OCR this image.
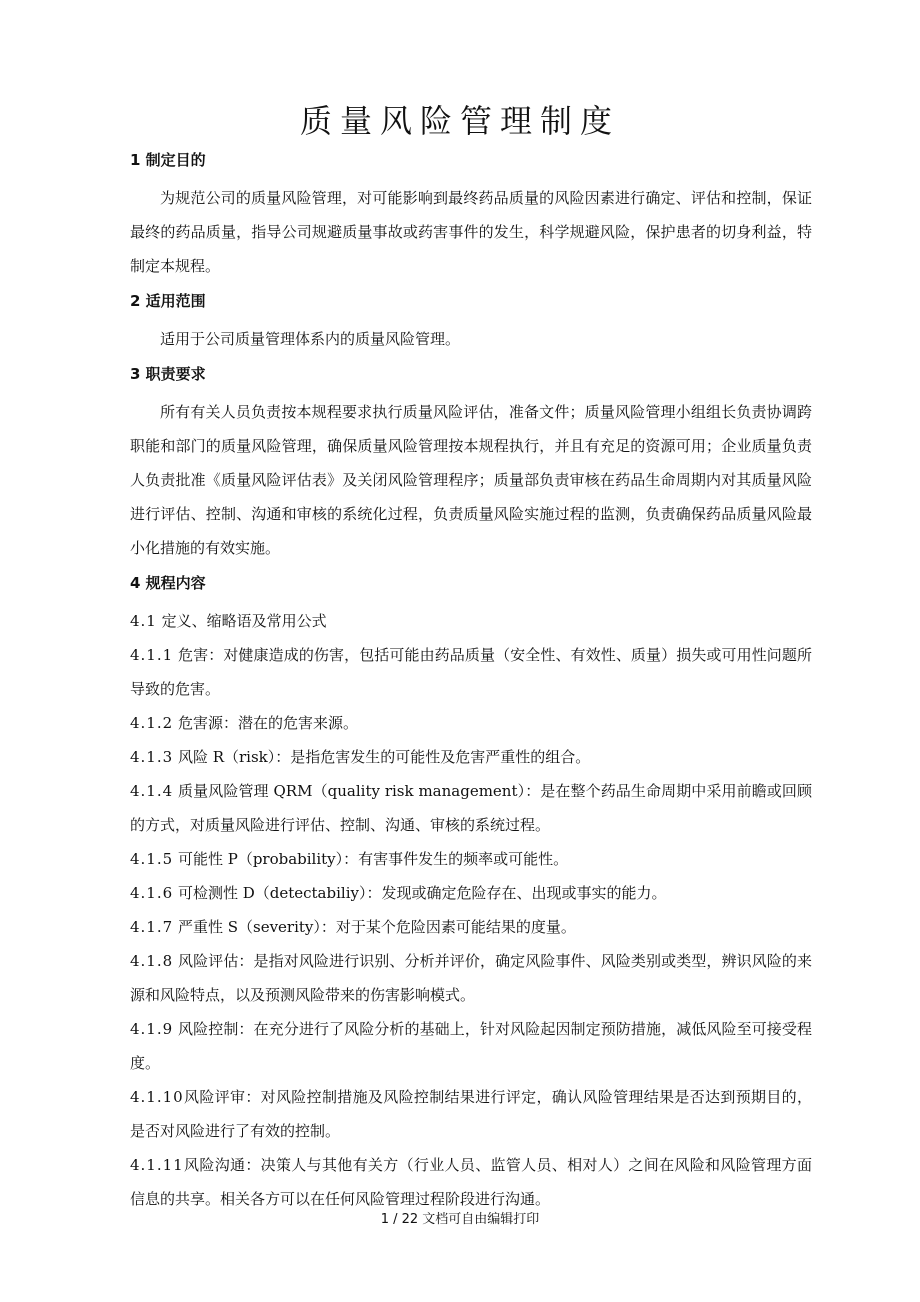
质量风险管理制度
1 制定目的

为规范公司的质量风险管理，对可能影响到最终药品质量的风险因素进行确定、评估和控制，保证最终的药品质量，指导公司规避质量事故或药害事件的发生，科学规避风险，保护患者的切身利益，特制定本规程。

2 适用范围

适用于公司质量管理体系内的质量风险管理。

3 职责要求

所有有关人员负责按本规程要求执行质量风险评估，准备文件；质量风险管理小组组长负责协调跨职能和部门的质量风险管理，确保质量风险管理按本规程执行，并且有充足的资源可用；企业质量负责人负责批准《质量风险评估表》及关闭风险管理程序；质量部负责审核在药品生命周期内对其质量风险进行评估、控制、沟通和审核的系统化过程，负责质量风险实施过程的监测，负责确保药品质量风险最小化措施的有效实施。

4 规程内容

4.1 定义、缩略语及常用公式

4.1.1 危害：对健康造成的伤害，包括可能由药品质量（安全性、有效性、质量）损失或可用性问题所导致的危害。

4.1.2 危害源：潜在的危害来源。

4.1.3 风险 R（risk）：是指危害发生的可能性及危害严重性的组合。

4.1.4 质量风险管理 QRM（quality risk management）：是在整个药品生命周期中采用前瞻或回顾的方式，对质量风险进行评估、控制、沟通、审核的系统过程。

4.1.5 可能性 P（probability）：有害事件发生的频率或可能性。

4.1.6 可检测性 D（detectabiliy）：发现或确定危险存在、出现或事实的能力。

4.1.7 严重性 S（severity）：对于某个危险因素可能结果的度量。

4.1.8 风险评估：是指对风险进行识别、分析并评价，确定风险事件、风险类别或类型，辨识风险的来源和风险特点，以及预测风险带来的伤害影响模式。

4.1.9 风险控制：在充分进行了风险分析的基础上，针对风险起因制定预防措施，减低风险至可接受程度。

4.1.10风险评审：对风险控制措施及风险控制结果进行评定，确认风险管理结果是否达到预期目的，是否对风险进行了有效的控制。

4.1.11风险沟通：决策人与其他有关方（行业人员、监管人员、相对人）之间在风险和风险管理方面信息的共享。相关各方可以在任何风险管理过程阶段进行沟通。

1 / 22 文档可自由编辑打印
